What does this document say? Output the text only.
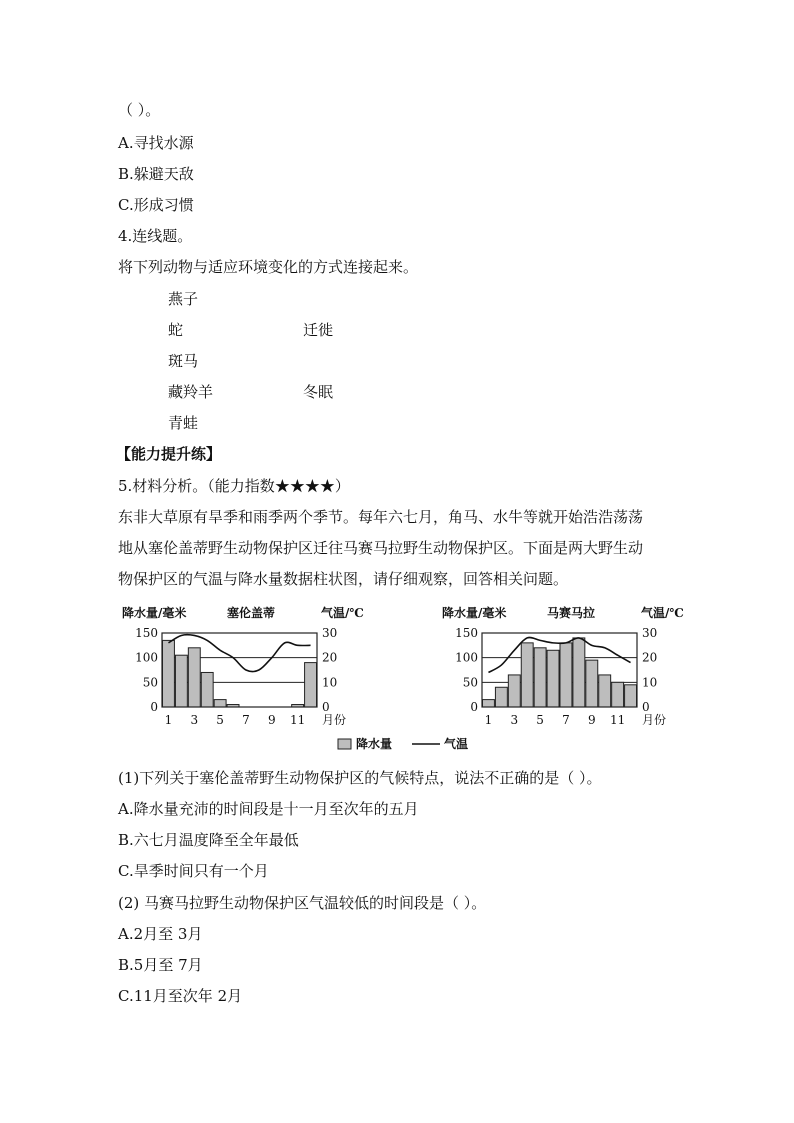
（ ）。
A.寻找水源
B.躲避天敌
C.形成习惯
4.连线题。
将下列动物与适应环境变化的方式连接起来。
燕子
蛇	迁徙
斑马
藏羚羊	冬眠
青蛙
【能力提升练】
5.材料分析。（能力指数★★★★）
东非大草原有旱季和雨季两个季节。每年六七月，角马、水牛等就开始浩浩荡荡
地从塞伦盖蒂野生动物保护区迁往马赛马拉野生动物保护区。下面是两大野生动
物保护区的气温与降水量数据柱状图，请仔细观察，回答相关问题。
降水量/毫米	塞伦盖蒂	气温/℃
0
50
100
150
0
10
20
30
1 3 5 7 9 11 月份
降水量/毫米	马赛马拉	气温/℃
0
50
100
150
0
10
20
30
1 3 5 7 9 11 月份
降水量	气温
(1)下列关于塞伦盖蒂野生动物保护区的气候特点，说法不正确的是（ ）。
A.降水量充沛的时间段是十一月至次年的五月
B.六七月温度降至全年最低
C.旱季时间只有一个月
(2) 马赛马拉野生动物保护区气温较低的时间段是（ ）。
A.2月至 3月
B.5月至 7月
C.11月至次年 2月
